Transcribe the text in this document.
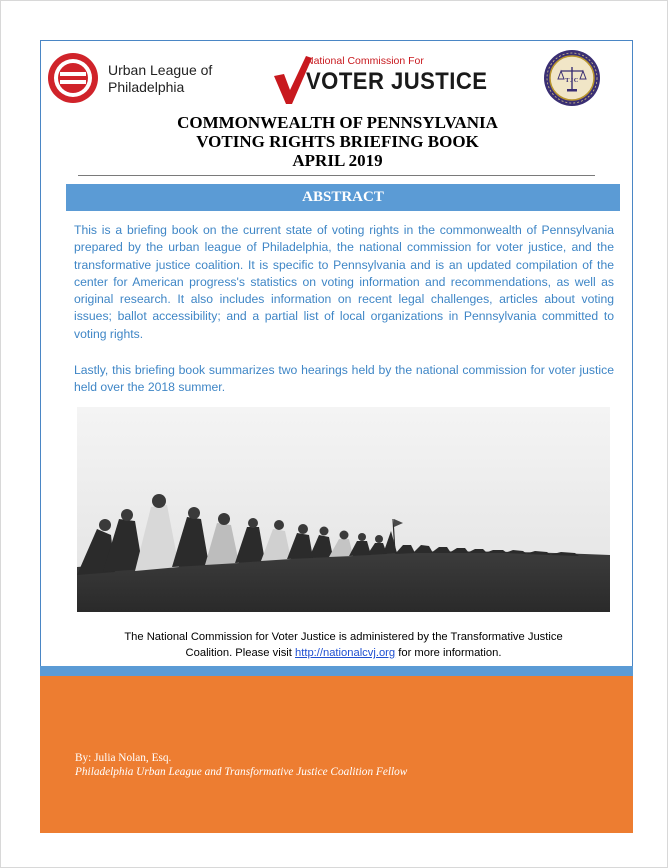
Urban League of
Philadelphia
National Commission For
VOTER JUSTICE	TJC
COMMONWEALTH OF PENNSYLVANIA
VOTING RIGHTS BRIEFING BOOK
APRIL 2019
ABSTRACT
This is a briefing book on the current state of voting rights in the commonwealth of Pennsylvania prepared by the urban league of Philadelphia, the national commission for voter justice, and the transformative justice coalition. It is specific to Pennsylvania and is an updated compilation of the center for American progress's statistics on voting information and recommendations, as well as original research. It also includes information on recent legal challenges, articles about voting issues; ballot accessibility; and a partial list of local organizations in Pennsylvania committed to voting rights.
Lastly, this briefing book summarizes two hearings held by the national commission for voter justice held over the 2018 summer.
The National Commission for Voter Justice is administered by the Transformative Justice
Coalition. Please visit http://nationalcvj.org for more information.
By: Julia Nolan, Esq.
Philadelphia Urban League and Transformative Justice Coalition Fellow
